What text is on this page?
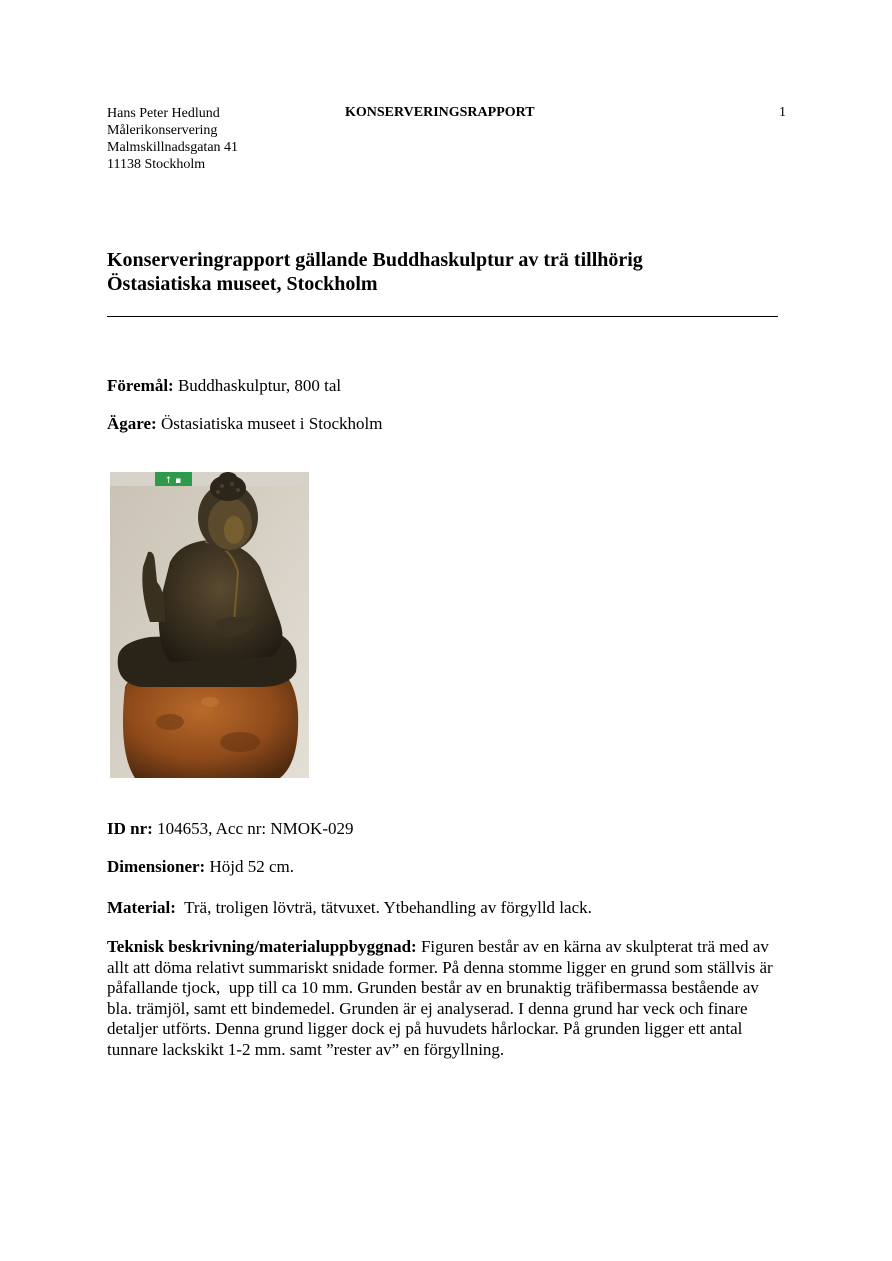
Hans Peter Hedlund
Målerikonservering
Malmskillnadsgatan 41
11138 Stockholm
KONSERVERINGSRAPPORT	1
Konserveringrapport gällande Buddhaskulptur av trä tillhörig
Östasiatiska museet, Stockholm
Föremål: Buddhaskulptur, 800 tal
Ägare: Östasiatiska museet i Stockholm
↑ ▪
ID nr: 104653, Acc nr: NMOK-029
Dimensioner: Höjd 52 cm.
Material:  Trä, troligen lövträ, tätvuxet. Ytbehandling av förgylld lack.
Teknisk beskrivning/materialuppbyggnad: Figuren består av en kärna av skulpterat trä med av allt att döma relativt summariskt snidade former. På denna stomme ligger en grund som ställvis är påfallande tjock,  upp till ca 10 mm. Grunden består av en brunaktig träfibermassa bestående av bla. trämjöl, samt ett bindemedel. Grunden är ej analyserad. I denna grund har veck och finare detaljer utförts. Denna grund ligger dock ej på huvudets hårlockar. På grunden ligger ett antal tunnare lackskikt 1-2 mm. samt ”rester av” en förgyllning.
